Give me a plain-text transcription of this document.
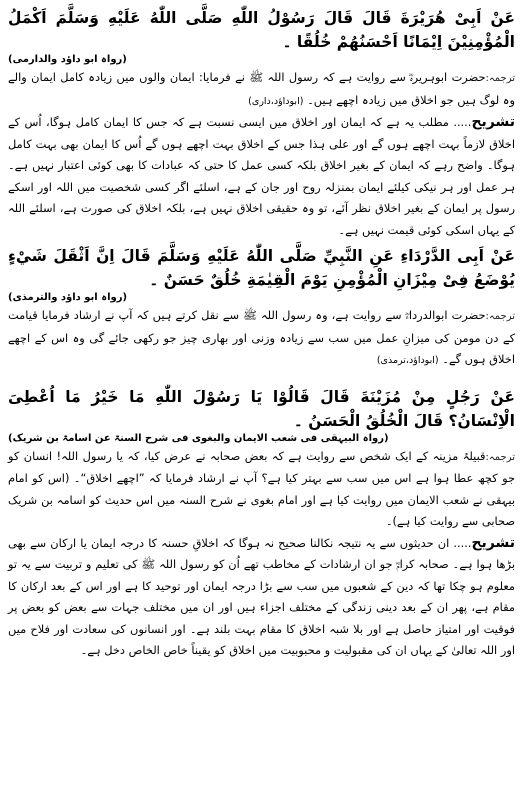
عَنْ اَبِىْ هُرَيْرَةَ قَالَ قَالَ رَسُوْلُ اللّٰهِ صَلَّى اللّٰهُ عَلَيْهِ وَسَلَّمَ اَكْمَلُ الْمُؤْمِنِيْنَ اِيْمَانًا اَحْسَنُهُمْ خُلُقًا ۔

(رواہ ابو داؤد والدارمی)

ترجمہ:حضرت ابوہریرہؓ سے روایت ہے کہ رسول اللہ ﷺ نے فرمایا: ایمان والوں میں زیادہ کامل ایمان والے وہ لوگ ہیں جو اخلاق میں زیادہ اچھے ہیں۔ (ابوداؤد،داری)

تشریح..... مطلب یہ ہے کہ ایمان اور اخلاق میں ایسی نسبت ہے کہ جس کا ایمان کامل ہوگا، اُس کے اخلاق لازماً بہت اچھے ہوں گے اور علی ہذا جس کے اخلاق بہت اچھے ہوں گے اُس کا ایمان بھی بہت کامل ہوگا۔ واضح رہے کہ ایمان کے بغیر اخلاق بلکہ کسی عمل کا حتی کہ عبادات کا بھی کوئی اعتبار نہیں ہے۔ ہر عمل اور ہر نیکی کیلئے ایمان بمنزلہ روح اور جان کے ہے، اسلئے اگر کسی شخصیت میں اللہ اور اسکے رسول پر ایمان کے بغیر اخلاق نظر آئے، تو وہ حقیقی اخلاق نہیں ہے، بلکہ اخلاق کی صورت ہے، اسلئے اللہ کے یہاں اسکی کوئی قیمت نہیں ہے۔

عَنْ اَبِى الدَّرْدَاءِ عَنِ النَّبِيِّ صَلَّى اللّٰهُ عَلَيْهِ وَسَلَّمَ قَالَ اِنَّ اَثْقَلَ شَيْءٍ يُوْضَعُ فِىْ مِيْزَانِ الْمُؤْمِنِ يَوْمَ الْقِيٰمَةِ خُلُقٌ حَسَنٌ ۔

(رواہ ابو داؤد والترمذی)

ترجمہ:حضرت ابوالدرداءؓ سے روایت ہے، وہ رسول اللہ ﷺ سے نقل کرتے ہیں کہ آپ نے ارشاد فرمایا قیامت کے دن مومن کی میزانِ عمل میں سب سے زیادہ وزنی اور بھاری چیز جو رکھی جائے گی وہ اس کے اچھے اخلاق ہوں گے۔ (ابوداؤد،ترمذی)

عَنْ رَجُلٍ مِنْ مُزَيْنَةَ قَالَ قَالُوْا يَا رَسُوْلَ اللّٰهِ مَا خَيْرُ مَا اُعْطِىَ الْاِنْسَانُ؟ قَالَ الْخُلُقُ الْحَسَنُ ۔

(رواہ البیہقی فی شعب الایمان والبغوی فی شرح السنۃ عن اسامۃ بن شریک)

ترجمہ:قبیلۂ مزینہ کے ایک شخص سے روایت ہے کہ بعض صحابہ نے عرض کیا، کہ یا رسول اللہ! انسان کو جو کچھ عطا ہوا ہے اس میں سب سے بہتر کیا ہے؟ آپ نے ارشاد فرمایا کہ ”اچھے اخلاق“۔ (اس کو امام بیہقی نے شعب الایمان میں روایت کیا ہے اور امام بغوی نے شرح السنہ میں اس حدیث کو اسامہ بن شریک صحابی سے روایت کیا ہے)۔

تشریح..... ان حدیثوں سے یہ نتیجہ نکالنا صحیح نہ ہوگا کہ اخلاقِ حسنہ کا درجہ ایمان یا ارکان سے بھی بڑھا ہوا ہے۔ صحابہ کرامؓ جو ان ارشادات کے مخاطب تھے اُن کو رسول اللہ ﷺ کی تعلیم و تربیت سے یہ تو معلوم ہو چکا تھا کہ دین کے شعبوں میں سب سے بڑا درجہ ایمان اور توحید کا ہے اور اس کے بعد ارکان کا مقام ہے، پھر ان کے بعد دینی زندگی کے مختلف اجزاء ہیں اور ان میں مختلف جہات سے بعض کو بعض پر فوقیت اور امتیاز حاصل ہے اور بلا شبہ اخلاق کا مقام بہت بلند ہے۔ اور انسانوں کی سعادت اور فلاح میں اور اللہ تعالیٰ کے یہاں ان کی مقبولیت و محبوبیت میں اخلاق کو یقیناً خاص الخاص دخل ہے۔
